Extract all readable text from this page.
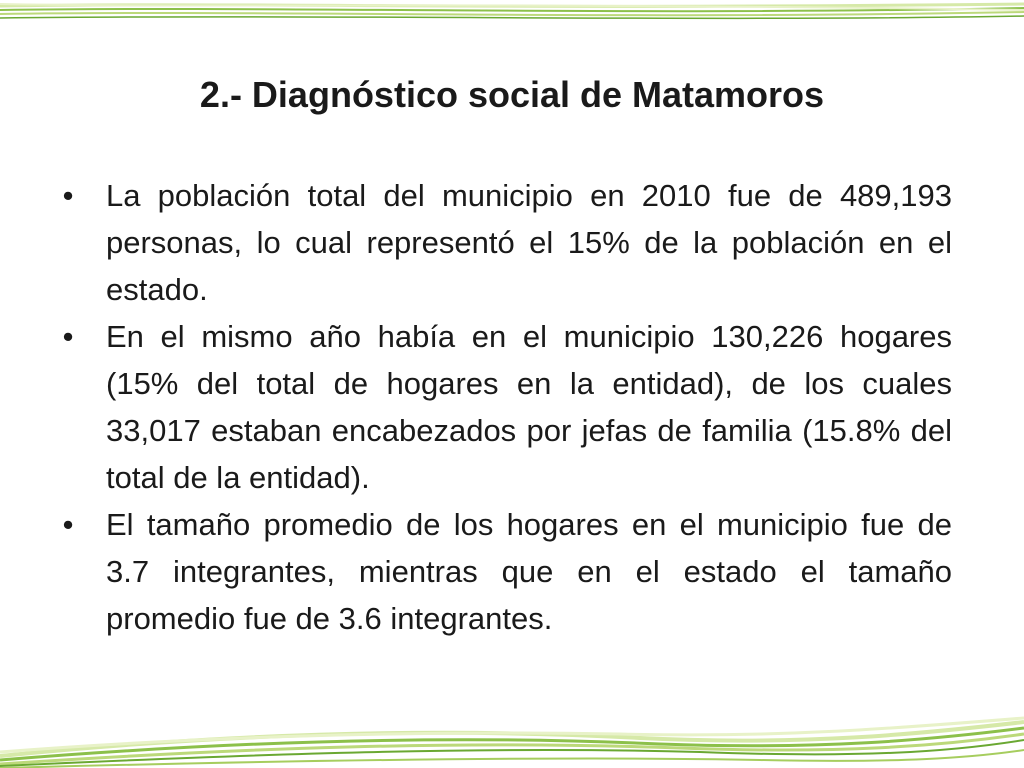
2.- Diagnóstico social de Matamoros
• La población total del municipio en 2010 fue de 489,193 personas, lo cual representó el 15% de la población en el estado.
• En el mismo año había en el municipio 130,226 hogares (15% del total de hogares en la entidad), de los cuales 33,017 estaban encabezados por jefas de familia (15.8% del total de la entidad).
• El tamaño promedio de los hogares en el municipio fue de 3.7 integrantes, mientras que en el estado el tamaño promedio fue de 3.6 integrantes.
